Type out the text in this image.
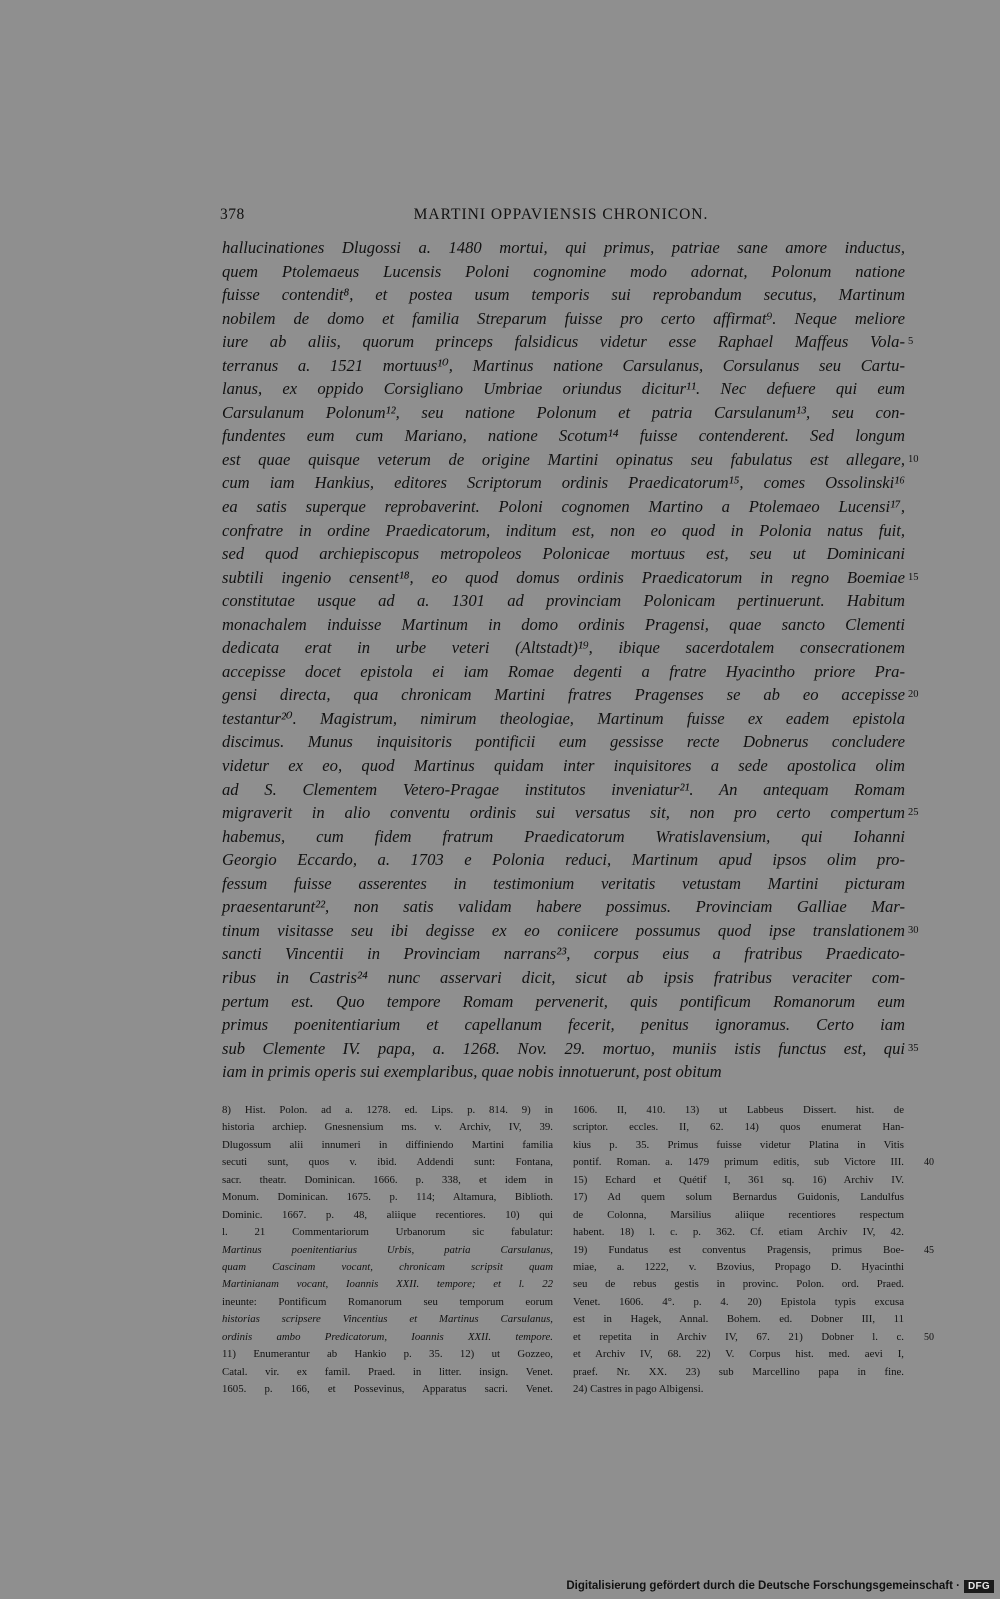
378	MARTINI OPPAVIENSIS CHRONICON.
hallucinationes Dlugossi a. 1480 mortui, qui primus, patriae sane amore inductus,
quem Ptolemaeus Lucensis Poloni cognomine modo adornat, Polonum natione
fuisse contendit⁸, et postea usum temporis sui reprobandum secutus, Martinum
nobilem de domo et familia Streparum fuisse pro certo affirmat⁹. Neque meliore
iure ab aliis, quorum princeps falsidicus videtur esse Raphael Maffeus Vola- 5
terranus a. 1521 mortuus¹⁰, Martinus natione Carsulanus, Corsulanus seu Cartu-
lanus, ex oppido Corsigliano Umbriae oriundus dicitur¹¹. Nec defuere qui eum
Carsulanum Polonum¹², seu natione Polonum et patria Carsulanum¹³, seu con-
fundentes eum cum Mariano, natione Scotum¹⁴ fuisse contenderent. Sed longum
est quae quisque veterum de origine Martini opinatus seu fabulatus est allegare, 10
cum iam Hankius, editores Scriptorum ordinis Praedicatorum¹⁵, comes Ossolinski¹⁶
ea satis superque reprobaverint. Poloni cognomen Martino a Ptolemaeo Lucensi¹⁷,
confratre in ordine Praedicatorum, inditum est, non eo quod in Polonia natus fuit,
sed quod archiepiscopus metropoleos Polonicae mortuus est, seu ut Dominicani
subtili ingenio censent¹⁸, eo quod domus ordinis Praedicatorum in regno Boemiae 15
constitutae usque ad a. 1301 ad provinciam Polonicam pertinuerunt. Habitum
monachalem induisse Martinum in domo ordinis Pragensi, quae sancto Clementi
dedicata erat in urbe veteri (Altstadt)¹⁹, ibique sacerdotalem consecrationem
accepisse docet epistola ei iam Romae degenti a fratre Hyacintho priore Pra-
gensi directa, qua chronicam Martini fratres Pragenses se ab eo accepisse 20
testantur²⁰. Magistrum, nimirum theologiae, Martinum fuisse ex eadem epistola
discimus. Munus inquisitoris pontificii eum gessisse recte Dobnerus concludere
videtur ex eo, quod Martinus quidam inter inquisitores a sede apostolica olim
ad S. Clementem Vetero-Pragae institutos inveniatur²¹. An antequam Romam
migraverit in alio conventu ordinis sui versatus sit, non pro certo compertum 25
habemus, cum fidem fratrum Praedicatorum Wratislavensium, qui Iohanni
Georgio Eccardo, a. 1703 e Polonia reduci, Martinum apud ipsos olim pro-
fessum fuisse asserentes in testimonium veritatis vetustam Martini picturam
praesentarunt²², non satis validam habere possimus. Provinciam Galliae Mar-
tinum visitasse seu ibi degisse ex eo coniicere possumus quod ipse translationem 30
sancti Vincentii in Provinciam narrans²³, corpus eius a fratribus Praedicato-
ribus in Castris²⁴ nunc asservari dicit, sicut ab ipsis fratribus veraciter com-
pertum est. Quo tempore Romam pervenerit, quis pontificum Romanorum eum
primus poenitentiarium et capellanum fecerit, penitus ignoramus. Certo iam
sub Clemente IV. papa, a. 1268. Nov. 29. mortuo, muniis istis functus est, qui 35
iam in primis operis sui exemplaribus, quae nobis innotuerunt, post obitum
8) Hist. Polon. ad a. 1278. ed. Lips. p. 814. 9) in
historia archiep. Gnesnensium ms. v. Archiv, IV, 39.
Dlugossum alii innumeri in diffiniendo Martini familia
secuti sunt, quos v. ibid. Addendi sunt: Fontana,
sacr. theatr. Dominican. 1666. p. 338, et idem in
Monum. Dominican. 1675. p. 114; Altamura, Biblioth.
Dominic. 1667. p. 48, aliique recentiores. 10) qui
l. 21 Commentariorum Urbanorum sic fabulatur:
Martinus poenitentiarius Urbis, patria Carsulanus,
quam Cascinam vocant, chronicam scripsit quam
Martinianam vocant, Ioannis XXII. tempore; et l. 22
ineunte: Pontificum Romanorum seu temporum eorum
historias scripsere Vincentius et Martinus Carsulanus,
ordinis ambo Predicatorum, Ioannis XXII. tempore.
11) Enumerantur ab Hankio p. 35. 12) ut Gozzeo,
Catal. vir. ex famil. Praed. in litter. insign. Venet.
1605. p. 166, et Possevinus, Apparatus sacri. Venet.
1606. II, 410. 13) ut Labbeus Dissert. hist. de
scriptor. eccles. II, 62. 14) quos enumerat Han-
kius p. 35. Primus fuisse videtur Platina in Vitis
pontif. Roman. a. 1479 primum editis, sub Victore III. 40
15) Echard et Quétif I, 361 sq. 16) Archiv IV.
17) Ad quem solum Bernardus Guidonis, Landulfus
de Colonna, Marsilius aliique recentiores respectum
habent. 18) l. c. p. 362. Cf. etiam Archiv IV, 42.
19) Fundatus est conventus Pragensis, primus Boe- 45
miae, a. 1222, v. Bzovius, Propago D. Hyacinthi
seu de rebus gestis in provinc. Polon. ord. Praed.
Venet. 1606. 4°. p. 4. 20) Epistola typis excusa
est in Hagek, Annal. Bohem. ed. Dobner III, 11
et repetita in Archiv IV, 67. 21) Dobner l. c. 50
et Archiv IV, 68. 22) V. Corpus hist. med. aevi I,
praef. Nr. XX. 23) sub Marcellino papa in fine.
24) Castres in pago Albigensi.
Digitalisierung gefördert durch die Deutsche Forschungsgemeinschaft · DFG
